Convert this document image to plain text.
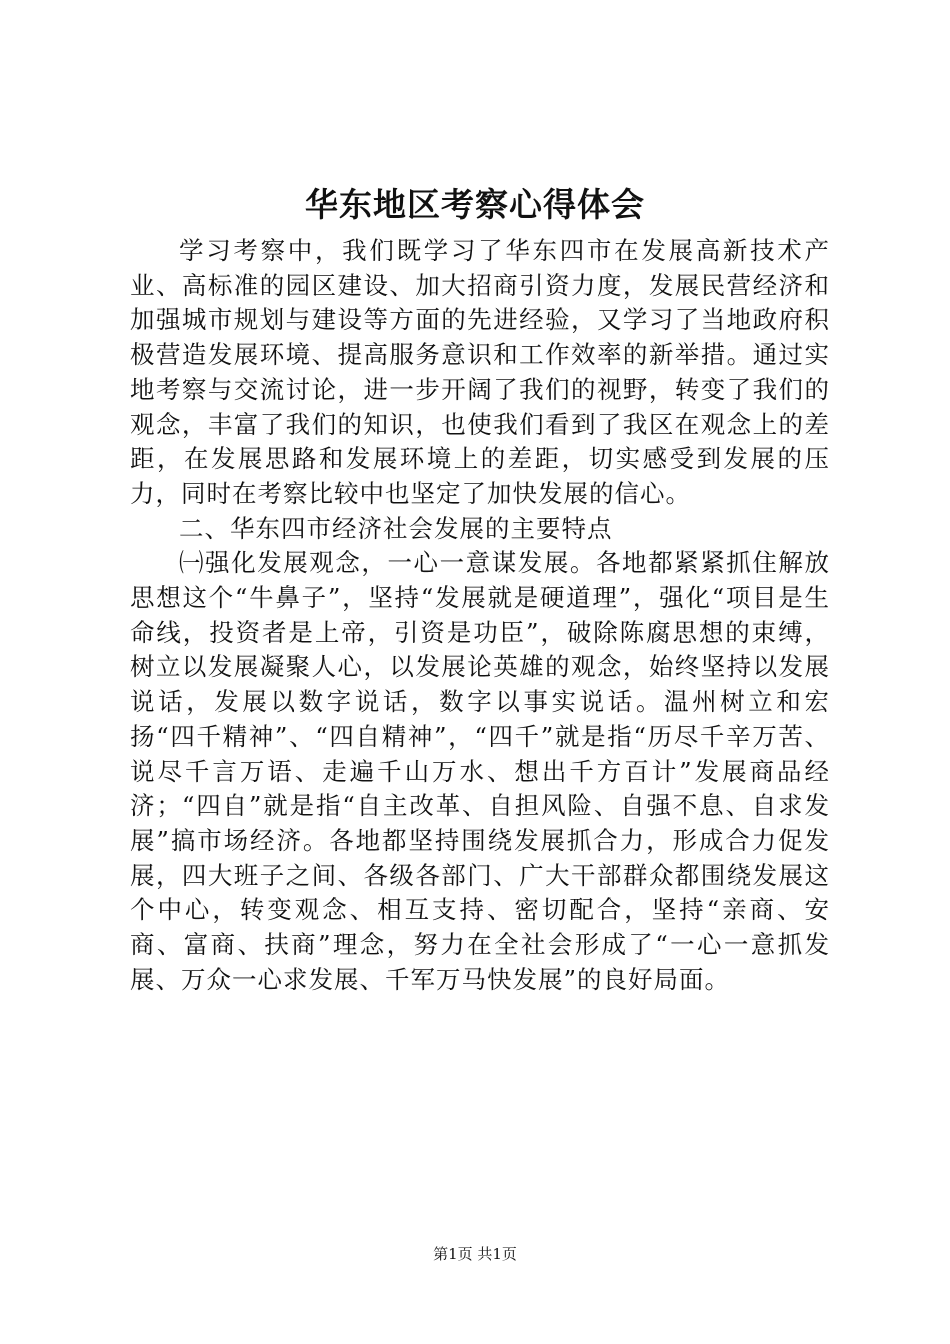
华东地区考察心得体会

学习考察中，我们既学习了华东四市在发展高新技术产业、高标准的园区建设、加大招商引资力度，发展民营经济和加强城市规划与建设等方面的先进经验，又学习了当地政府积极营造发展环境、提高服务意识和工作效率的新举措。通过实地考察与交流讨论，进一步开阔了我们的视野，转变了我们的观念，丰富了我们的知识，也使我们看到了我区在观念上的差距，在发展思路和发展环境上的差距，切实感受到发展的压力，同时在考察比较中也坚定了加快发展的信心。

二、华东四市经济社会发展的主要特点

㈠强化发展观念，一心一意谋发展。各地都紧紧抓住解放思想这个“牛鼻子”，坚持“发展就是硬道理”，强化“项目是生命线，投资者是上帝，引资是功臣”，破除陈腐思想的束缚，树立以发展凝聚人心，以发展论英雄的观念，始终坚持以发展说话，发展以数字说话，数字以事实说话。温州树立和宏扬“四千精神”、“四自精神”，“四千”就是指“历尽千辛万苦、说尽千言万语、走遍千山万水、想出千方百计”发展商品经济；“四自”就是指“自主改革、自担风险、自强不息、自求发展”搞市场经济。各地都坚持围绕发展抓合力，形成合力促发展，四大班子之间、各级各部门、广大干部群众都围绕发展这个中心，转变观念、相互支持、密切配合，坚持“亲商、安商、富商、扶商”理念，努力在全社会形成了“一心一意抓发展、万众一心求发展、千军万马快发展”的良好局面。

第1页 共1页
